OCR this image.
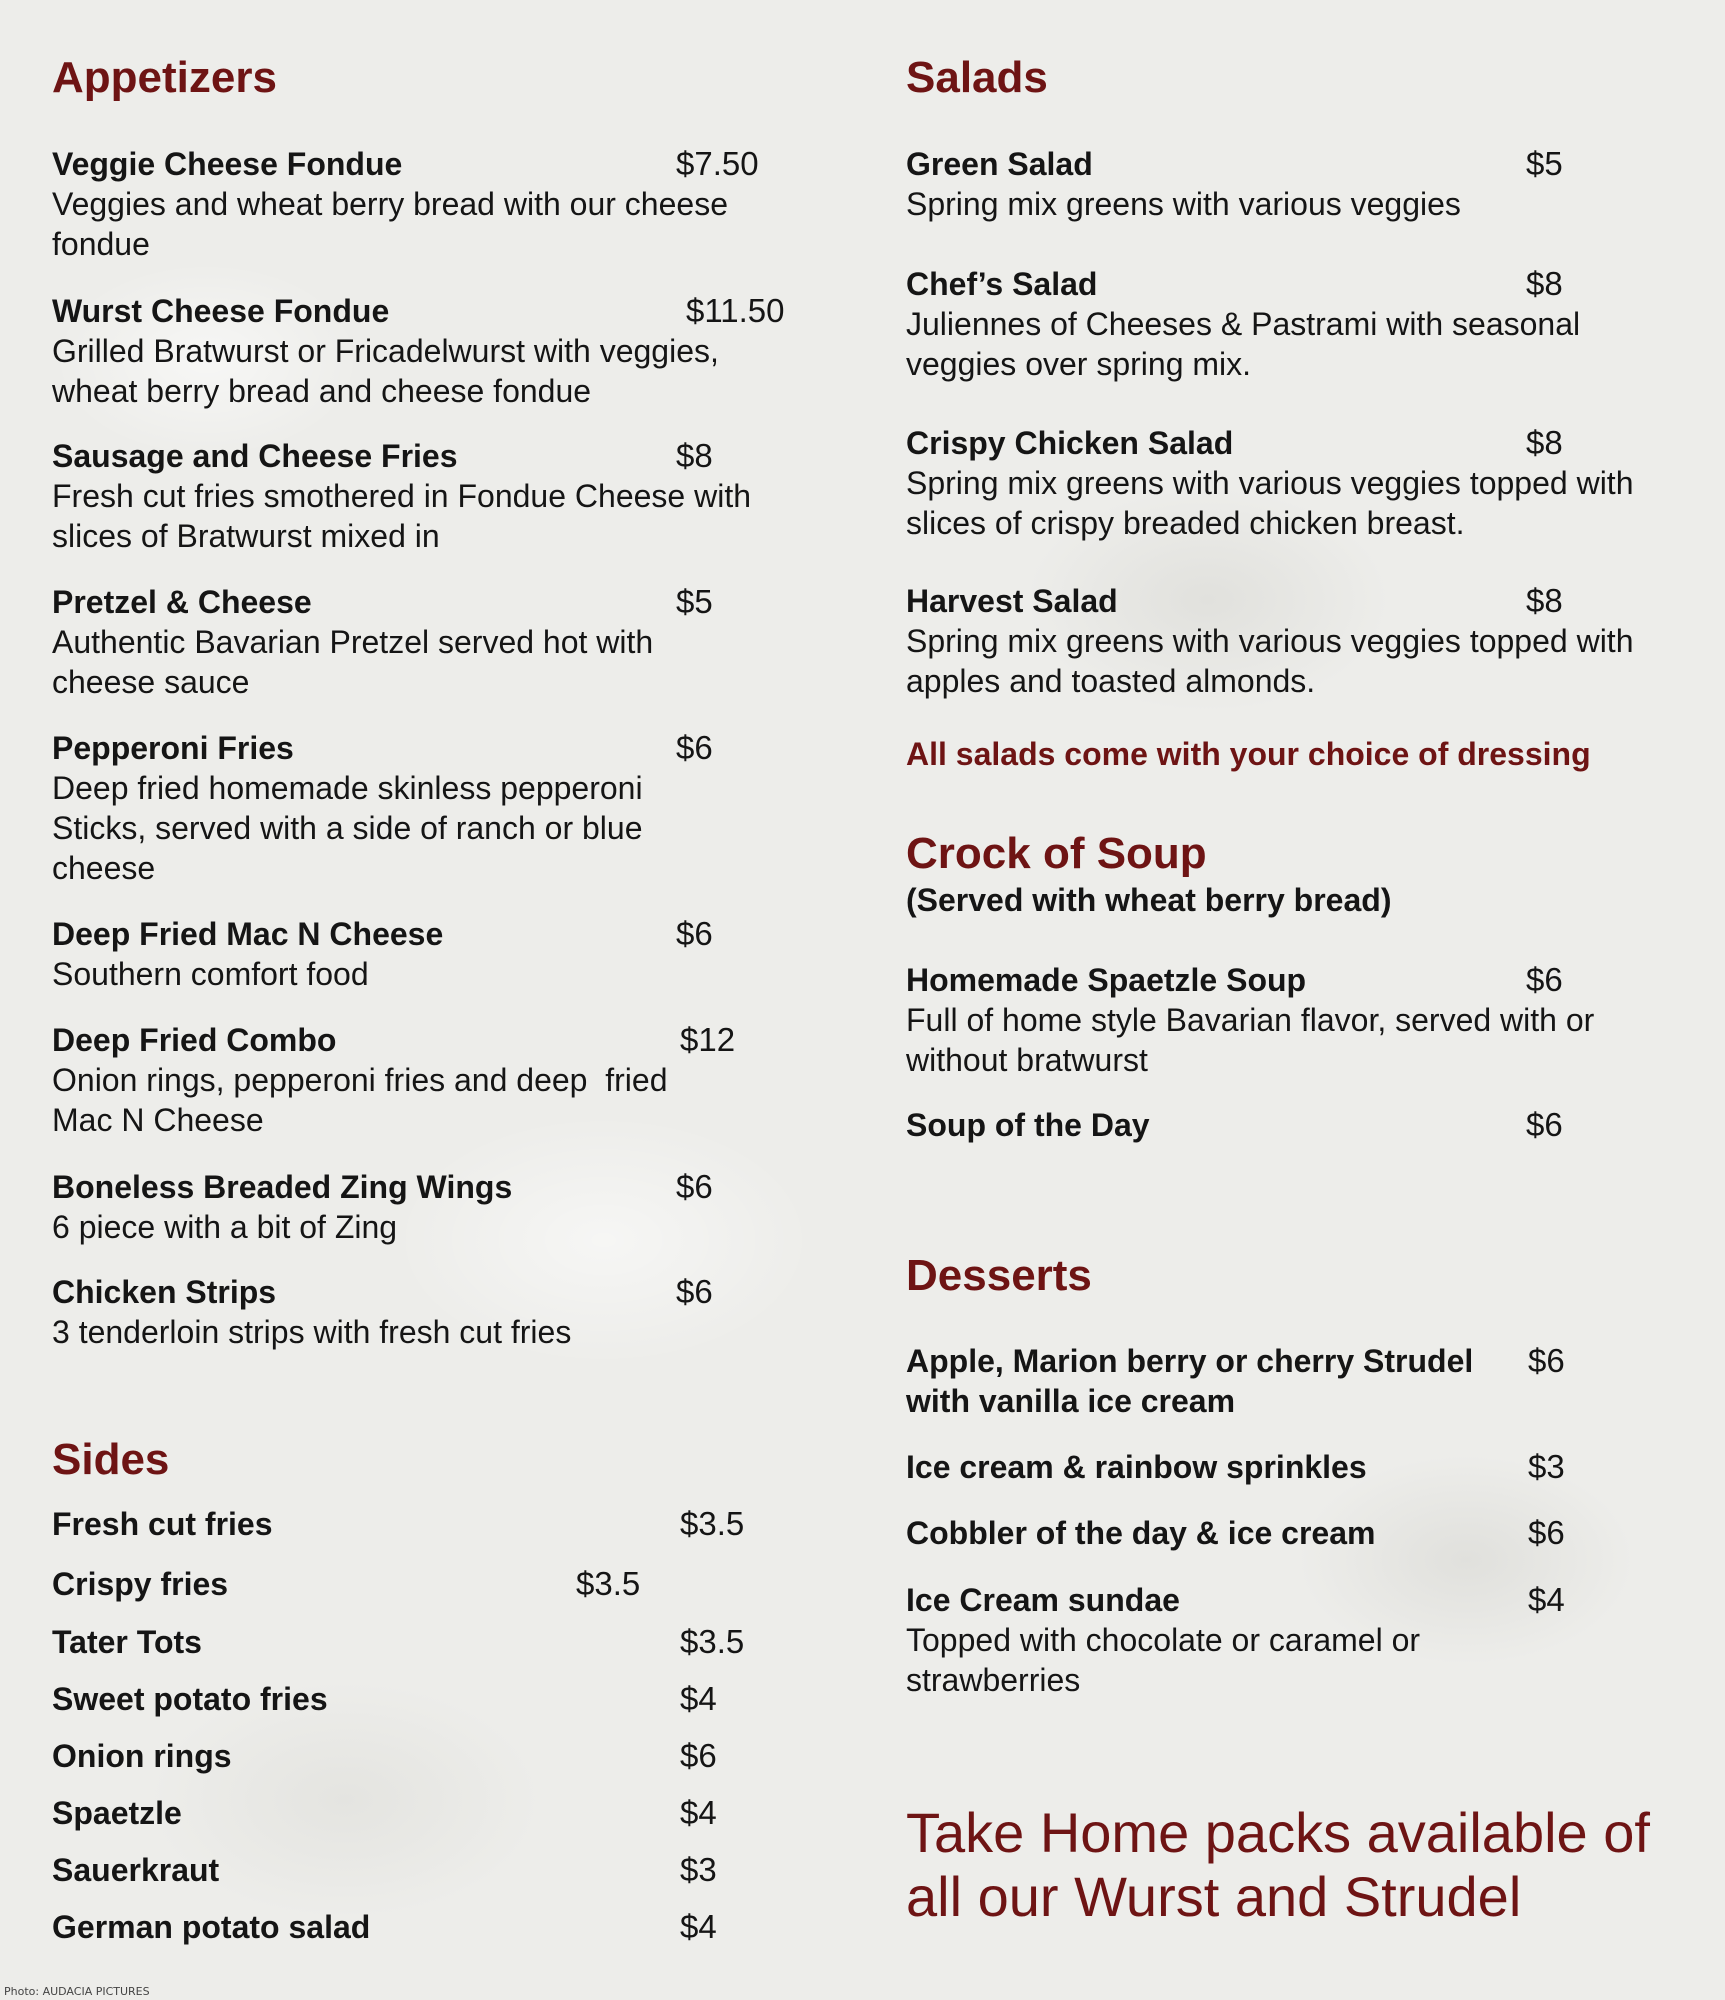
Appetizers
Veggie Cheese Fondue	$7.50
Veggies and wheat berry bread with our cheese fondue
Wurst Cheese Fondue	$11.50
Grilled Bratwurst or Fricadelwurst with veggies, wheat berry bread and cheese fondue
Sausage and Cheese Fries	$8
Fresh cut fries smothered in Fondue Cheese with slices of Bratwurst mixed in
Pretzel & Cheese	$5
Authentic Bavarian Pretzel served hot with cheese sauce
Pepperoni Fries	$6
Deep fried homemade skinless pepperoni Sticks, served with a side of ranch or blue cheese
Deep Fried Mac N Cheese	$6
Southern comfort food
Deep Fried Combo	$12
Onion rings, pepperoni fries and deep  fried Mac N Cheese
Boneless Breaded Zing Wings	$6
6 piece with a bit of Zing
Chicken Strips	$6
3 tenderloin strips with fresh cut fries
Sides
Fresh cut fries	$3.5
Crispy fries	$3.5
Tater Tots	$3.5
Sweet potato fries	$4
Onion rings	$6
Spaetzle	$4
Sauerkraut	$3
German potato salad	$4
Salads
Green Salad	$5
Spring mix greens with various veggies
Chef’s Salad	$8
Juliennes of Cheeses & Pastrami with seasonal veggies over spring mix.
Crispy Chicken Salad	$8
Spring mix greens with various veggies topped with slices of crispy breaded chicken breast.
Harvest Salad	$8
Spring mix greens with various veggies topped with apples and toasted almonds.
All salads come with your choice of dressing
Crock of Soup
(Served with wheat berry bread)
Homemade Spaetzle Soup	$6
Full of home style Bavarian flavor, served with or without bratwurst
Soup of the Day	$6
Desserts
Apple, Marion berry or cherry Strudel with vanilla ice cream
$6
Ice cream & rainbow sprinkles	$3
Cobbler of the day & ice cream	$6
Ice Cream sundae	$4
Topped with chocolate or caramel or strawberries
Take Home packs available of all our Wurst and Strudel
Photo: AUDACIA PICTURES
